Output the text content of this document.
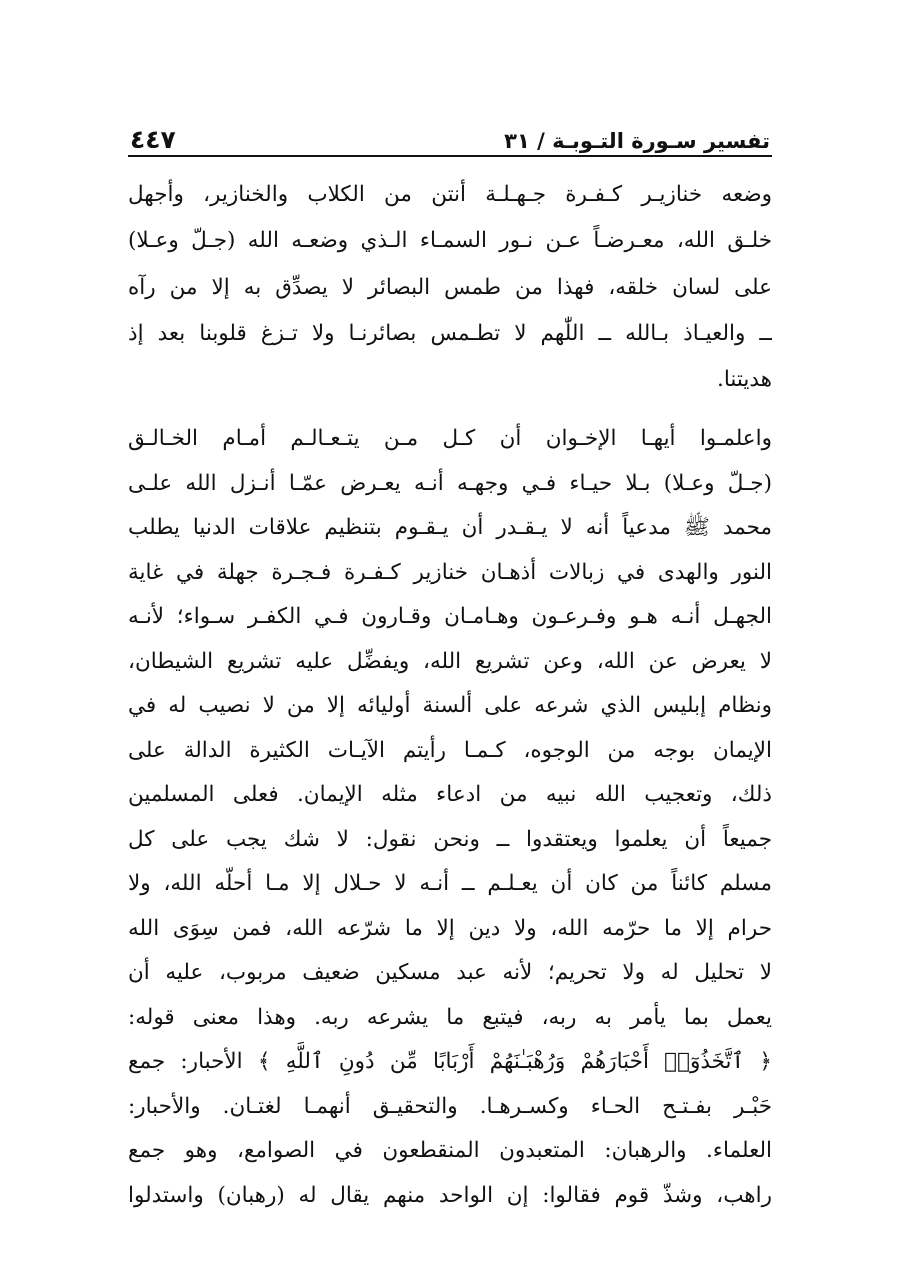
تفسير سـورة التـوبـة / ٣١
٤٤٧
وضعه خنازيـر كـفـرة جـهـلـة أنتن من الكلاب والخنازير، وأجهل
خلـق الله، معـرضـاً عـن نـور السمـاء الـذي وضعـه الله (جـلّ وعـلا)
على لسان خلقه، فهذا من طمس البصائر لا يصدِّق به إلا من رآه
ــ والعيـاذ بـالله ــ اللّٰهم لا تطـمس بصائرنـا ولا تـزغ قلوبنا بعد إذ
هديتنا.
واعلمـوا أيهـا الإخـوان أن كـل مـن يتـعـالـم أمـام الخـالـق
(جـلّ وعـلا) بـلا حيـاء فـي وجهـه أنـه يعـرض عمّـا أنـزل الله علـى
محمد ﷺ مدعياً أنه لا يـقـدر أن يـقـوم بتنظيم علاقات الدنيا يطلب
النور والهدى في زبالات أذهـان خنازير كـفـرة فـجـرة جهلة في غاية
الجهـل أنـه هـو وفـرعـون وهـامـان وقـارون فـي الكفـر سـواء؛ لأنـه
لا يعرض عن الله، وعن تشريع الله، ويفضِّل عليه تشريع الشيطان،
ونظام إبليس الذي شرعه على ألسنة أوليائه إلا من لا نصيب له في
الإيمان بوجه من الوجوه، كـمـا رأيتم الآيـات الكثيرة الدالة على
ذلك، وتعجيب الله نبيه من ادعاء مثله الإيمان. فعلى المسلمين
جميعاً أن يعلموا ويعتقدوا ــ ونحن نقول: لا شك يجب على كل
مسلم كائناً من كان أن يعـلـم ــ أنـه لا حـلال إلا مـا أحلّه الله، ولا
حرام إلا ما حرّمه الله، ولا دين إلا ما شرّعه الله، فمن سِوَى الله
لا تحليل له ولا تحريم؛ لأنه عبد مسكين ضعيف مربوب، عليه أن
يعمل بما يأمر به ربه، فيتبع ما يشرعه ربه. وهذا معنى قوله:
﴿ ٱتَّخَذُوٓا۟ أَحْبَارَهُمْ وَرُهْبَـٰنَهُمْ أَرْبَابًا مِّن دُونِ ٱللَّهِ ﴾ الأحبار: جمع
حَبْـر بفـتـح الحـاء وكسـرهـا. والتحقيـق أنهمـا لغتـان. والأحبار:
العلماء. والرهبان: المتعبدون المنقطعون في الصوامع، وهو جمع
راهب، وشذّ قوم فقالوا: إن الواحد منهم يقال له (رهبان) واستدلوا
